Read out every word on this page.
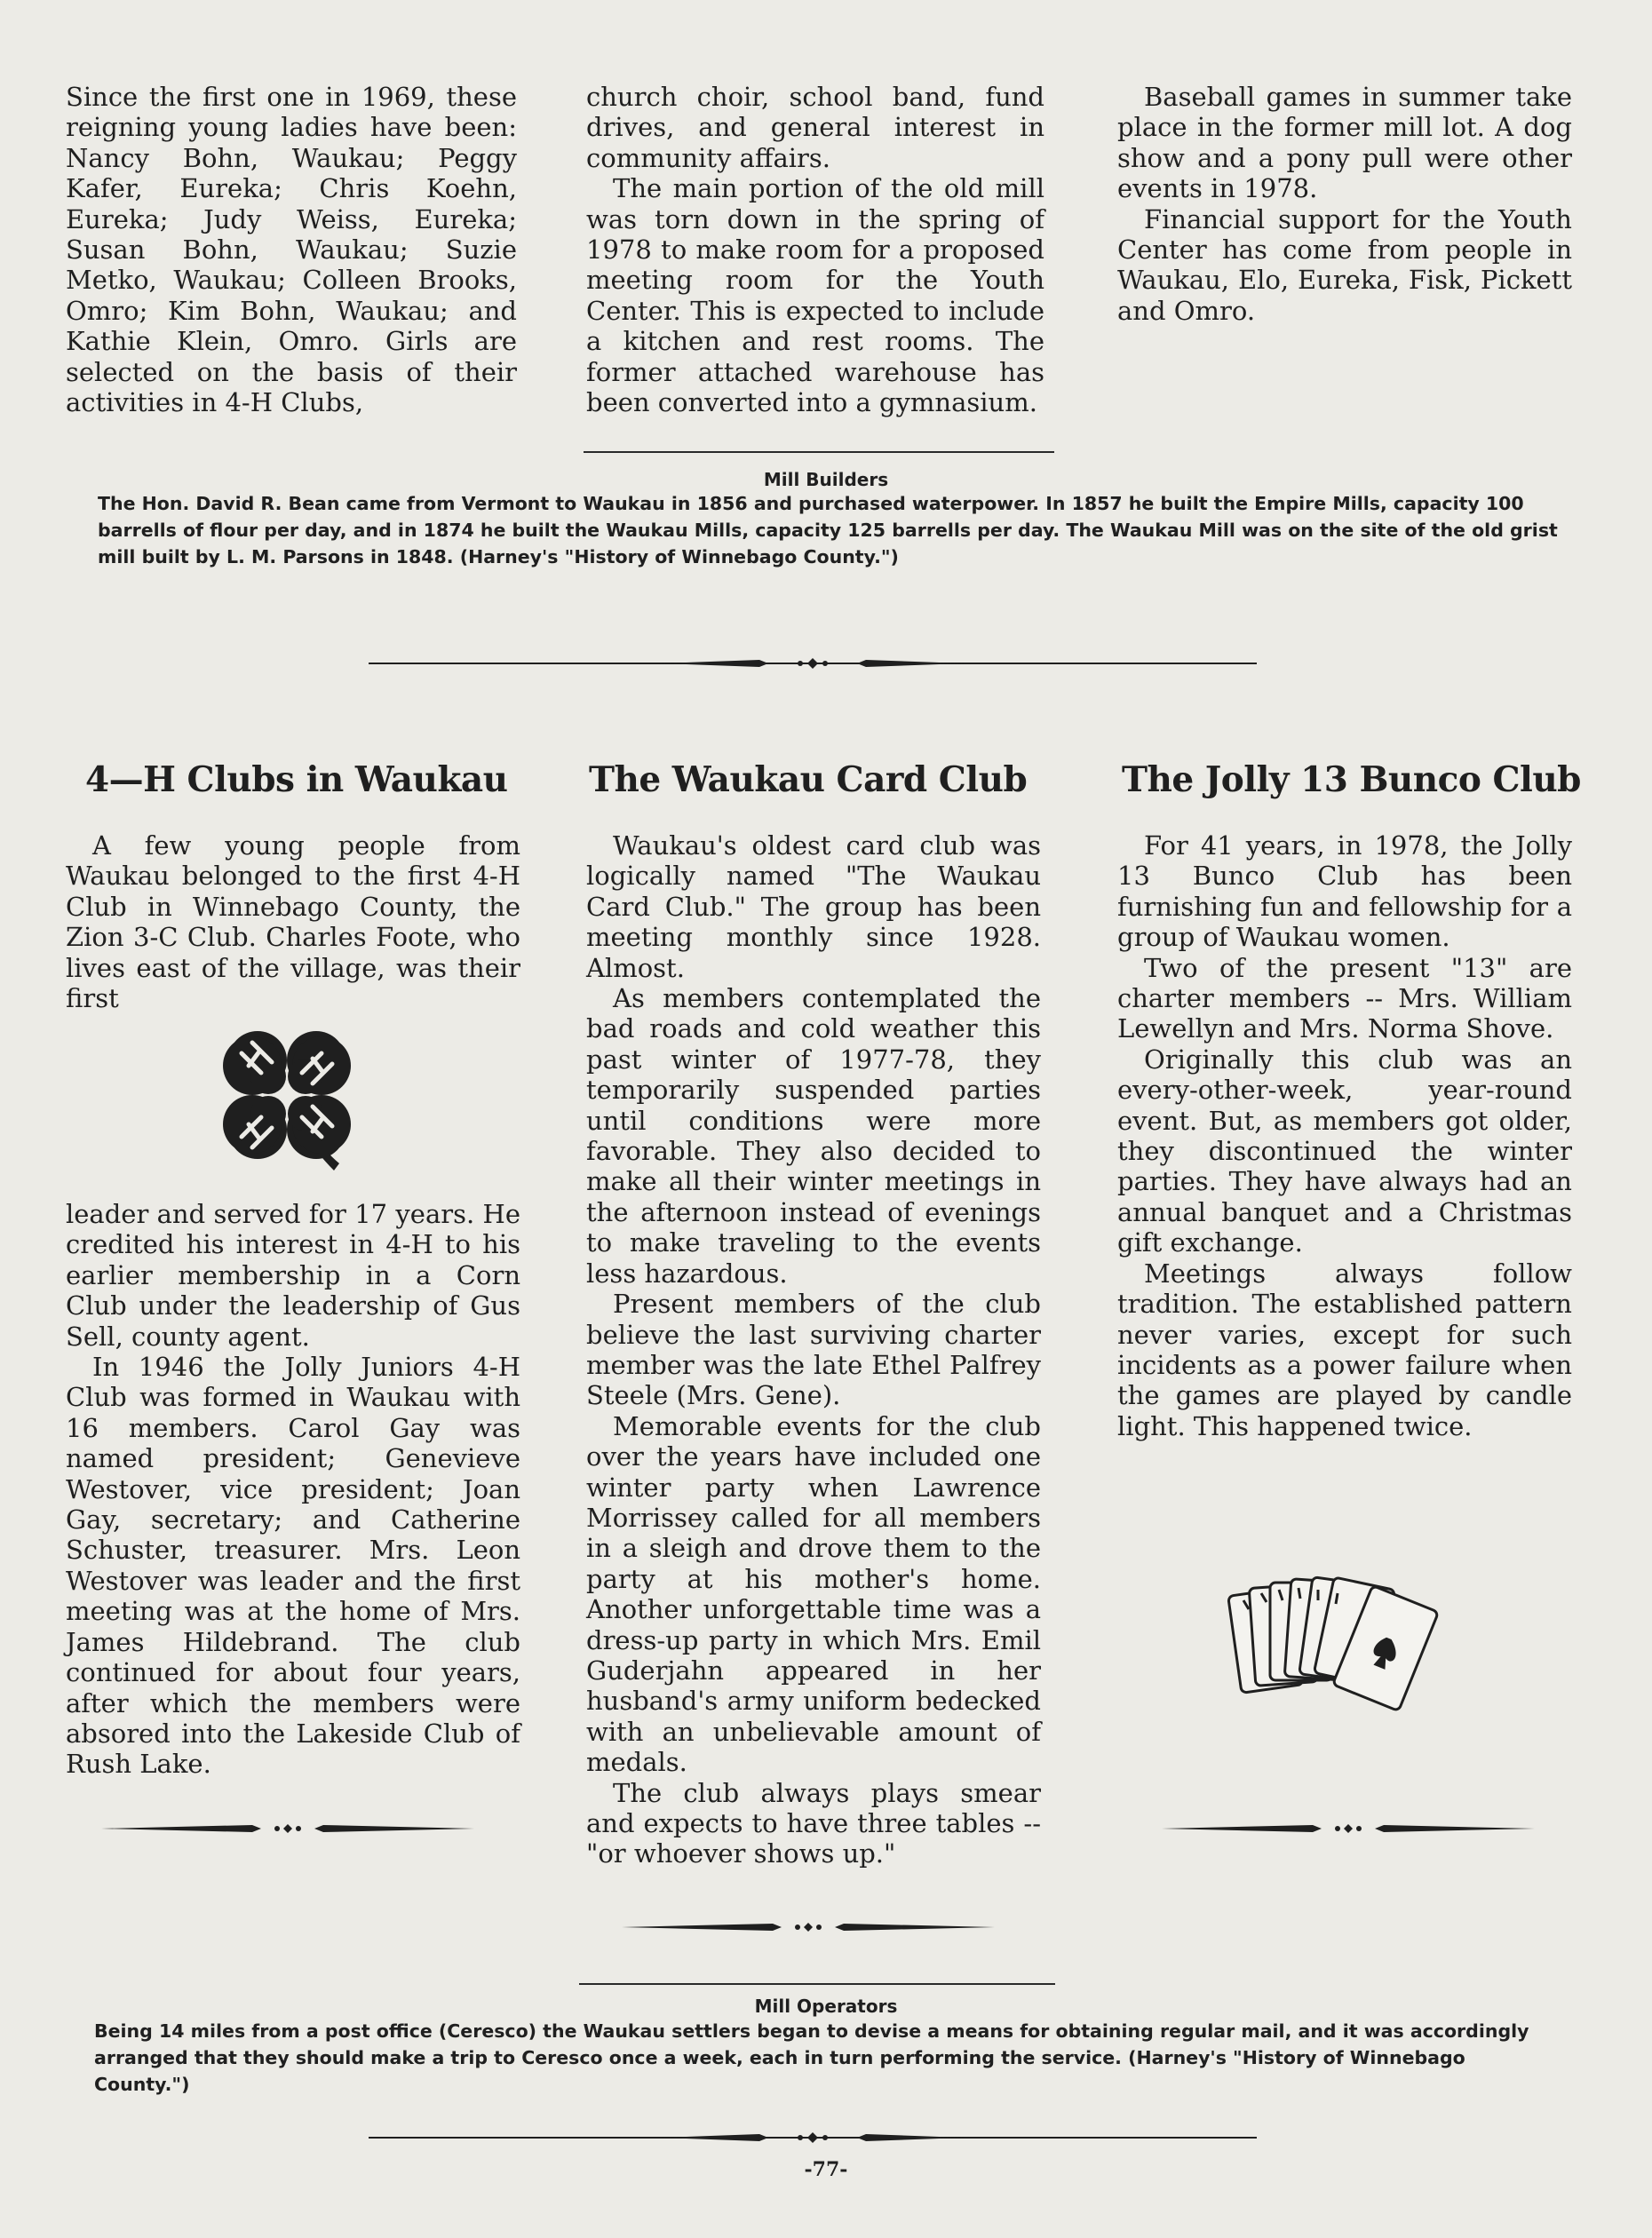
Since the first one in 1969, these reigning young ladies have been: Nancy Bohn, Waukau; Peggy Kafer, Eureka; Chris Koehn, Eureka; Judy Weiss, Eureka; Susan Bohn, Waukau; Suzie Metko, Waukau; Colleen Brooks, Omro; Kim Bohn, Waukau; and Kathie Klein, Omro. Girls are selected on the basis of their activities in 4-H Clubs,

church choir, school band, fund drives, and general interest in community affairs.

The main portion of the old mill was torn down in the spring of 1978 to make room for a proposed meeting room for the Youth Center. This is expected to include a kitchen and rest rooms. The former attached warehouse has been converted into a gymnasium.

Baseball games in summer take place in the former mill lot. A dog show and a pony pull were other events in 1978.

Financial support for the Youth Center has come from people in Waukau, Elo, Eureka, Fisk, Pickett and Omro.

Mill Builders
The Hon. David R. Bean came from Vermont to Waukau in 1856 and purchased waterpower. In 1857 he built the Empire Mills, capacity 100 barrells of flour per day, and in 1874 he built the Waukau Mills, capacity 125 barrells per day. The Waukau Mill was on the site of the old grist mill built by L. M. Parsons in 1848. (Harney's "History of Winnebago County.")
4—H Clubs in Waukau The Waukau Card Club	The Jolly 13 Bunco Club

A few young people from Waukau belonged to the first 4-H Club in Winnebago County, the Zion 3-C Club. Charles Foote, who lives east of the village, was their first

leader and served for 17 years. He credited his interest in 4-H to his earlier membership in a Corn Club under the leadership of Gus Sell, county agent.

In 1946 the Jolly Juniors 4-H Club was formed in Waukau with 16 members. Carol Gay was named president; Genevieve Westover, vice president; Joan Gay, secretary; and Catherine Schuster, treasurer. Mrs. Leon Westover was leader and the first meeting was at the home of Mrs. James Hildebrand. The club continued for about four years, after which the members were absored into the Lakeside Club of Rush Lake.

Waukau's oldest card club was logically named "The Waukau Card Club." The group has been meeting monthly since 1928. Almost.

As members contemplated the bad roads and cold weather this past winter of 1977-78, they temporarily suspended parties until conditions were more favorable. They also decided to make all their winter meetings in the afternoon instead of evenings to make traveling to the events less hazardous.

Present members of the club believe the last surviving charter member was the late Ethel Palfrey Steele (Mrs. Gene).

Memorable events for the club over the years have included one winter party when Lawrence Morrissey called for all members in a sleigh and drove them to the party at his mother's home. Another unforgettable time was a dress-up party in which Mrs. Emil Guderjahn appeared in her husband's army uniform bedecked with an unbelievable amount of medals.

The club always plays smear and expects to have three tables -- "or whoever shows up."

For 41 years, in 1978, the Jolly 13 Bunco Club has been furnishing fun and fellowship for a group of Waukau women.

Two of the present "13" are charter members -- Mrs. William Lewellyn and Mrs. Norma Shove.

Originally this club was an every-other-week, year-round event. But, as members got older, they discontinued the winter parties. They have always had an annual banquet and a Christmas gift exchange.

Meetings always follow tradition. The established pattern never varies, except for such incidents as a power failure when the games are played by candle light. This happened twice.

Mill Operators
Being 14 miles from a post office (Ceresco) the Waukau settlers began to devise a means for obtaining regular mail, and it was accordingly arranged that they should make a trip to Ceresco once a week, each in turn performing the service. (Harney's "History of Winnebago County.")
-77-
